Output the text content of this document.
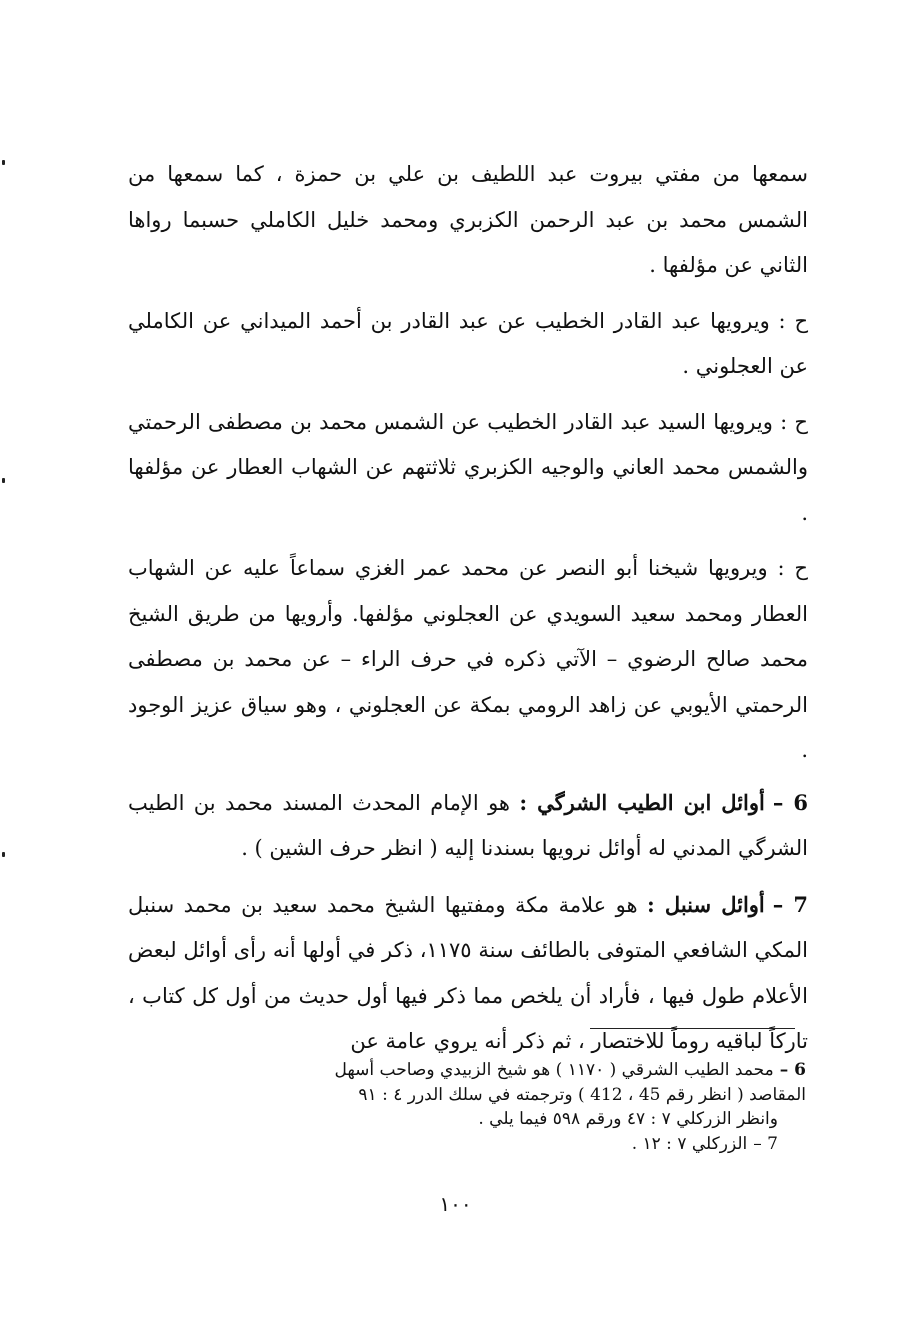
سمعها من مفتي بيروت عبد اللطيف بن علي بن حمزة ، كما سمعها من الشمس محمد بن عبد الرحمن الكزبري ومحمد خليل الكاملي حسبما رواها الثاني عن مؤلفها .

ح : ويرويها عبد القادر الخطيب عن عبد القادر بن أحمد الميداني عن الكاملي عن العجلوني .

ح : ويرويها السيد عبد القادر الخطيب عن الشمس محمد بن مصطفى الرحمتي والشمس محمد العاني والوجيه الكزبري ثلاثتهم عن الشهاب العطار عن مؤلفها .

ح : ويرويها شيخنا أبو النصر عن محمد عمر الغزي سماعاً عليه عن الشهاب العطار ومحمد سعيد السويدي عن العجلوني مؤلفها. وأرويها من طريق الشيخ محمد صالح الرضوي – الآتي ذكره في حرف الراء – عن محمد بن مصطفى الرحمتي الأيوبي عن زاهد الرومي بمكة عن العجلوني ، وهو سياق عزيز الوجود .

6 –أوائل ابن الطيب الشرگي : هو الإمام المحدث المسند محمد بن الطيب الشرگي المدني له أوائل نرويها بسندنا إليه ( انظر حرف الشين ) .

7 –أوائل سنبل : هو علامة مكة ومفتيها الشيخ محمد سعيد بن محمد سنبل المكي الشافعي المتوفى بالطائف سنة ١١٧٥، ذكر في أولها أنه رأى أوائل لبعض الأعلام طول فيها ، فأراد أن يلخص مما ذكر فيها أول حديث من أول كل كتاب ، تاركاً لباقيه روماً للاختصار ، ثم ذكر أنه يروي عامة عن

6 –محمد الطيب الشرقي ( ١١٧٠ ) هو شيخ الزبيدي وصاحب أسهل

المقاصد ( انظر رقم 45 ، 412 ) وترجمته في سلك الدرر ٤ : ٩١

وانظر الزركلي ٧ : ٤٧ ورقم ٥٩٨ فيما يلي .

7 –الزركلي ٧ : ١٢ .

١٠٠
